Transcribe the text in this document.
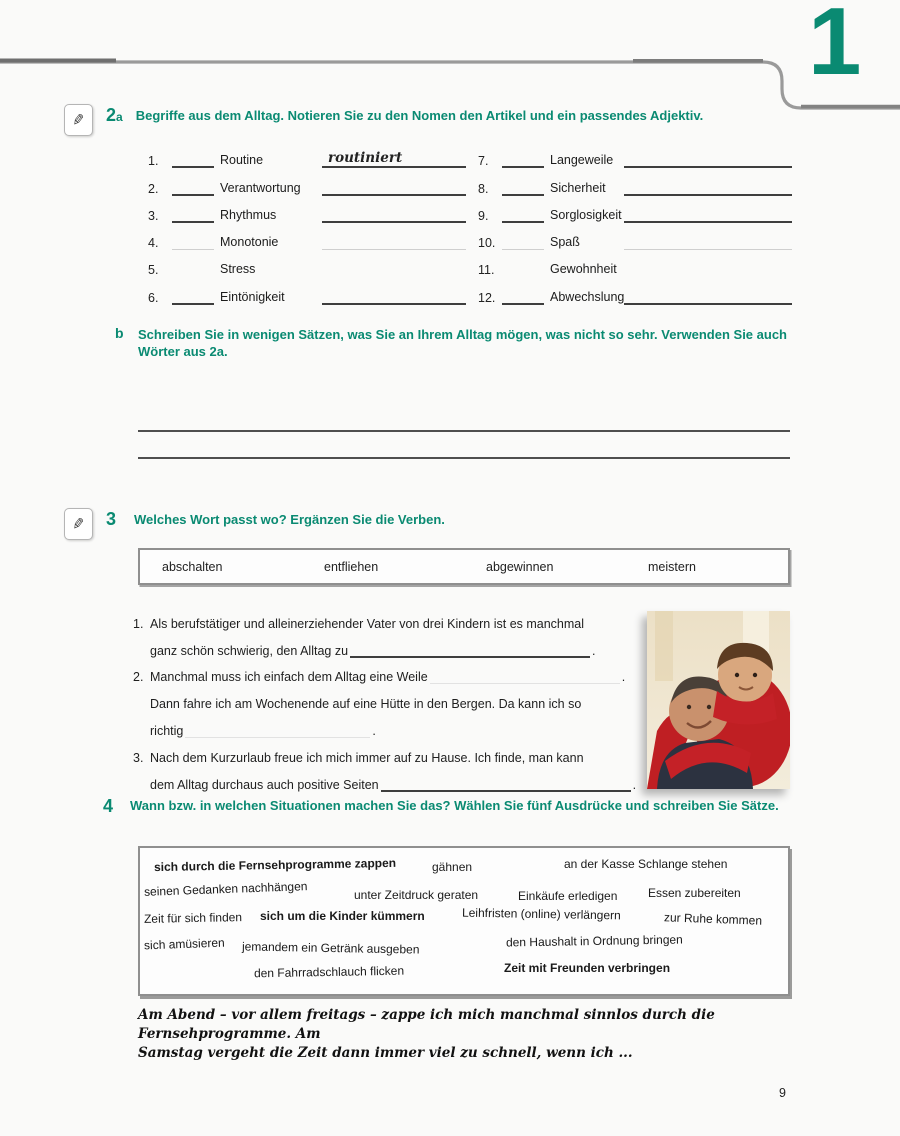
1
✎ 2a Begriffe aus dem Alltag. Notieren Sie zu den Nomen den Artikel und ein passendes Adjektiv.
1.	Routine	routiniert
2.	Verantwortung
3.	Rhythmus
4.	Monotonie
5.	Stress
6.	Eintönigkeit
7.	Langeweile
8.	Sicherheit
9.	Sorglosigkeit
10.	Spaß
11.	Gewohnheit
12.	Abwechslung
b Schreiben Sie in wenigen Sätzen, was Sie an Ihrem Alltag mögen, was nicht so sehr. Verwenden Sie auch Wörter aus 2a.
✎ 3 Welches Wort passt wo? Ergänzen Sie die Verben.
abschalten	entfliehen	abgewinnen	meistern
1. Als berufstätiger und alleinerziehender Vater von drei Kindern ist es manchmal
ganz schön schwierig, den Alltag zu	.
2. Manchmal muss ich einfach dem Alltag eine Weile	.
Dann fahre ich am Wochenende auf eine Hütte in den Bergen. Da kann ich so
richtig	.
3. Nach dem Kurzurlaub freue ich mich immer auf zu Hause. Ich finde, man kann
dem Alltag durchaus auch positive Seiten	.
4 Wann bzw. in welchen Situationen machen Sie das? Wählen Sie fünf Ausdrücke und schreiben Sie Sätze.
sich durch die Fernsehprogramme zappen	gähnen	an der Kasse Schlange stehen
seinen Gedanken nachhängen	unter Zeitdruck geraten	Einkäufe erledigen	Essen zubereiten
Zeit für sich finden sich um die Kinder kümmern	Leihfristen (online) verlängern	zur Ruhe kommen
sich amüsieren jemandem ein Getränk ausgeben	den Haushalt in Ordnung bringen
den Fahrradschlauch flicken	Zeit mit Freunden verbringen
Am Abend – vor allem freitags – zappe ich mich manchmal sinnlos durch die Fernsehprogramme. Am
Samstag vergeht die Zeit dann immer viel zu schnell, wenn ich ...
9
